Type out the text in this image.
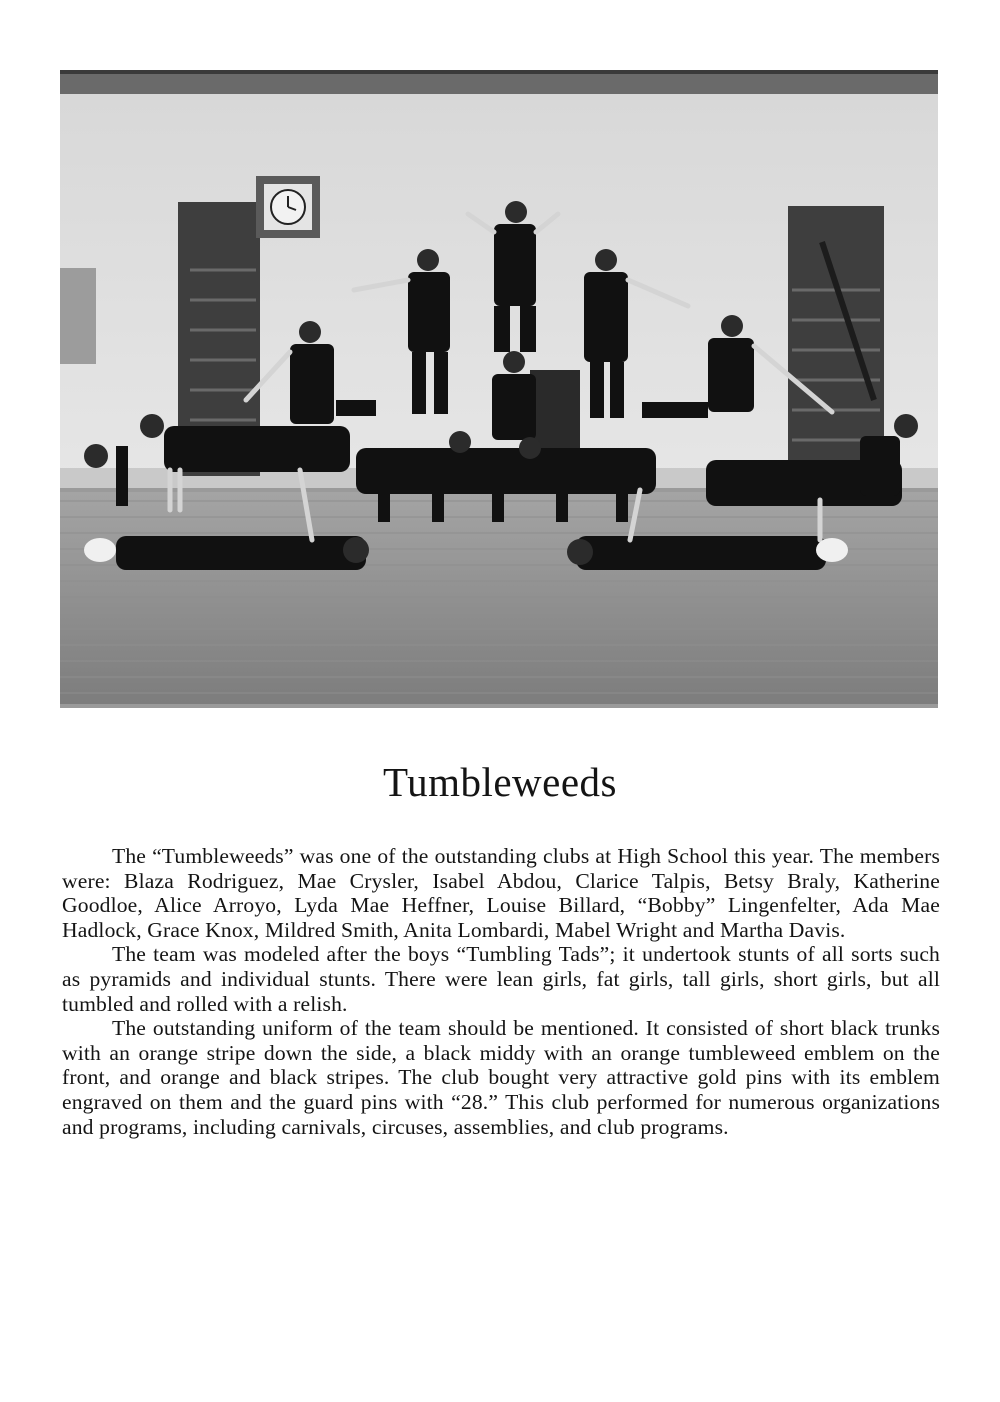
Tumbleweeds

The “Tumbleweeds” was one of the outstanding clubs at High School this year. The members were: Blaza Rodriguez, Mae Crysler, Isabel Abdou, Clarice Talpis, Betsy Braly, Katherine Goodloe, Alice Arroyo, Lyda Mae Heffner, Louise Billard, “Bobby” Lingenfelter, Ada Mae Hadlock, Grace Knox, Mildred Smith, Anita Lombardi, Mabel Wright and Martha Davis.

The team was modeled after the boys “Tumbling Tads”; it undertook stunts of all sorts such as pyramids and individual stunts. There were lean girls, fat girls, tall girls, short girls, but all tumbled and rolled with a relish.

The outstanding uniform of the team should be mentioned. It consisted of short black trunks with an orange stripe down the side, a black middy with an orange tumbleweed emblem on the front, and orange and black stripes. The club bought very attractive gold pins with its emblem engraved on them and the guard pins with “28.” This club performed for numerous organizations and programs, including carnivals, circuses, assemblies, and club programs.
